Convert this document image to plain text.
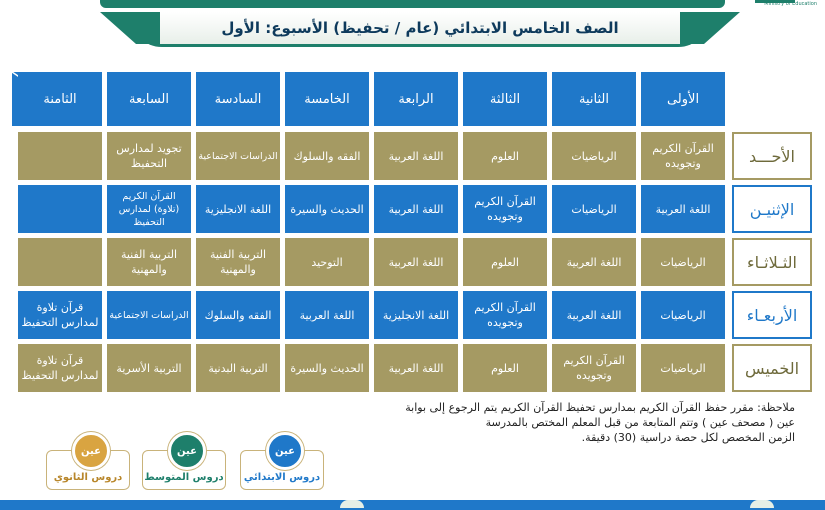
Ministry of Education
الصف الخامس الابتدائي (عام / تحفيظ) الأسبوع: الأول
الأولى
الثانية
الثالثة
الرابعة
الخامسة
السادسة
السابعة
الثامنة
الأحـــد
القرآن الكريم وتجويده
الرياضيات
العلوم
اللغة العربية
الفقه والسلوك
الدراسات الاجتماعية
تجويد لمدارس التحفيظ
الإثنيـن
اللغة العربية
الرياضيات
القرآن الكريم وتجويده
اللغة العربية
الحديث والسيرة
اللغة الانجليزية
القرآن الكريم (تلاوة) لمدارس التحفيظ
الثـلاثـاء
الرياضيات
اللغة العربية
العلوم
اللغة العربية
التوحيد
التربية الفنية والمهنية
التربية الفنية والمهنية
الأربعـاء
الرياضيات
اللغة العربية
القرآن الكريم وتجويده
اللغة الانجليزية
اللغة العربية
الفقه والسلوك
الدراسات الاجتماعية
قرآن تلاوة لمدارس التحفيظ
الخميس
الرياضيات
القرآن الكريم وتجويده
العلوم
اللغة العربية
الحديث والسيرة
التربية البدنية
التربية الأسرية
قرآن تلاوة لمدارس التحفيظ
ملاحظة: مقرر حفظ القرآن الكريم بمدارس تحفيظ القرآن الكريم يتم الرجوع إلى بوابة
عين ( مصحف عين ) وتتم المتابعة من قبل المعلم المختص بالمدرسة
الزمن المخصص لكل حصة دراسية (30) دقيقة.
دروس الابتدائي
عين
دروس المتوسط
عين
دروس الثانوي
عين
